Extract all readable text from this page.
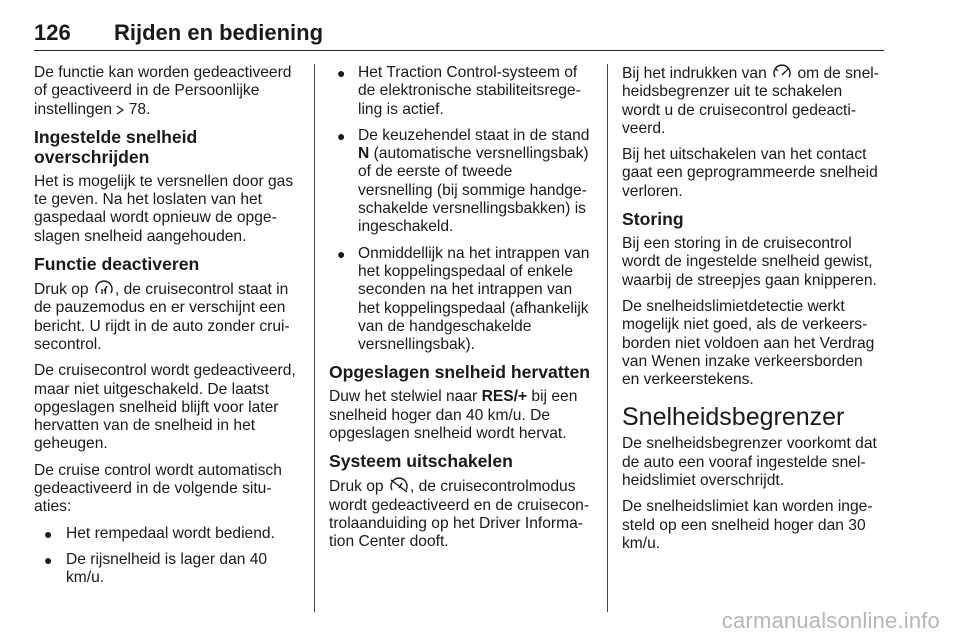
126 Rijden en bediening

De functie kan worden gedeactiveerd of geactiveerd in de Persoonlijke instellingen 78.

Ingestelde snelheid overschrijden

Het is mogelijk te versnellen door gas te geven. Na het loslaten van het gaspedaal wordt opnieuw de opgeslagen snelheid aangehouden.

Functie deactiveren

Druk op , de cruisecontrol staat in de pauzemodus en er verschijnt een bericht. U rijdt in de auto zonder cruisecontrol.

De cruisecontrol wordt gedeactiveerd, maar niet uitgeschakeld. De laatst opgeslagen snelheid blijft voor later hervatten van de snelheid in het geheugen.

De cruise control wordt automatisch gedeactiveerd in de volgende situaties:

● Het rempedaal wordt bediend.
● De rijsnelheid is lager dan 40 km/u.
● Het Traction Control-systeem of de elektronische stabiliteitsregeling is actief.
● De keuzehendel staat in de stand N (automatische versnellingsbak) of de eerste of tweede versnelling (bij sommige handgeschakelde versnellingsbakken) is ingeschakeld.
● Onmiddellijk na het intrappen van het koppelingspedaal of enkele seconden na het intrappen van het koppelingspedaal (afhankelijk van de handgeschakelde versnellingsbak).
Opgeslagen snelheid hervatten

Duw het stelwiel naar RES/+ bij een snelheid hoger dan 40 km/u. De opgeslagen snelheid wordt hervat.

Systeem uitschakelen

Druk op , de cruisecontrolmodus wordt gedeactiveerd en de cruisecontrolaanduiding op het Driver Information Center dooft.

Bij het indrukken van om de snelheidsbegrenzer uit te schakelen wordt u de cruisecontrol gedeactiveerd.

Bij het uitschakelen van het contact gaat een geprogrammeerde snelheid verloren.

Storing

Bij een storing in de cruisecontrol wordt de ingestelde snelheid gewist, waarbij de streepjes gaan knipperen.

De snelheidslimietdetectie werkt mogelijk niet goed, als de verkeersborden niet voldoen aan het Verdrag van Wenen inzake verkeersborden en verkeerstekens.

Snelheidsbegrenzer

De snelheidsbegrenzer voorkomt dat de auto een vooraf ingestelde snelheidslimiet overschrijdt.

De snelheidslimiet kan worden ingesteld op een snelheid hoger dan 30 km/u.

carmanualsonline.info
